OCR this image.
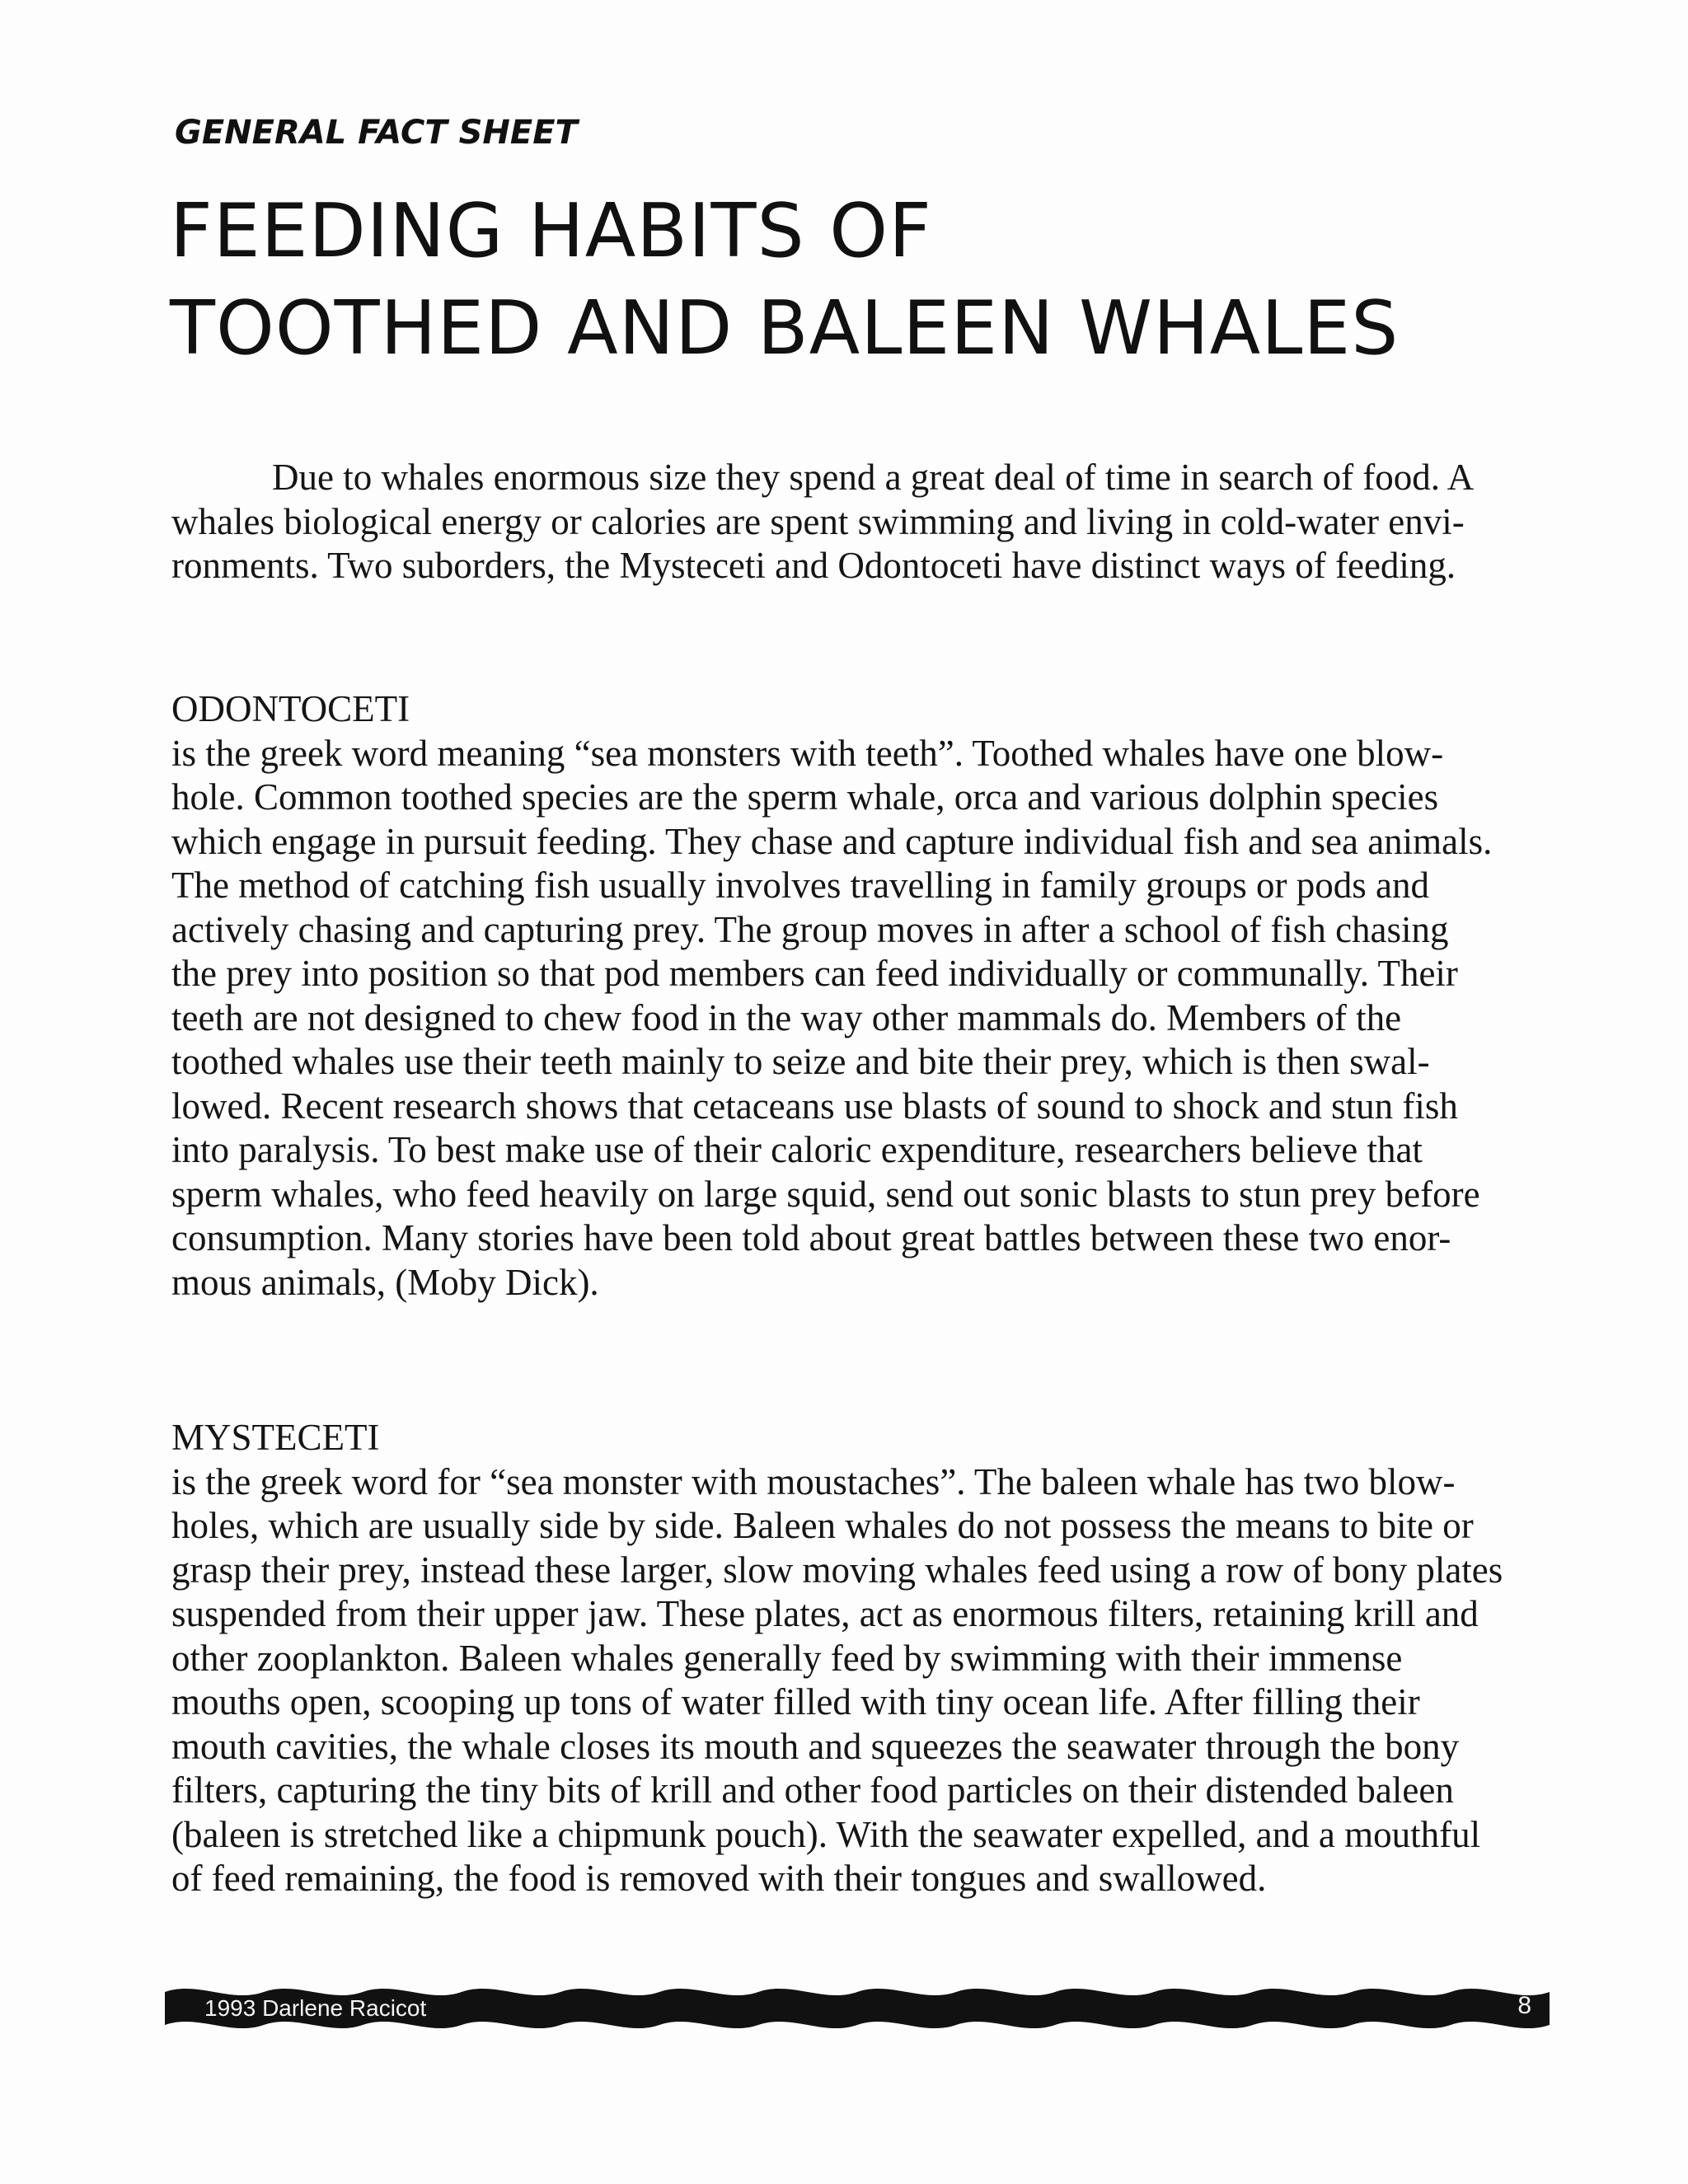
GENERAL FACT SHEET
FEEDING HABITS OF
TOOTHED AND BALEEN WHALES
Due to whales enormous size they spend a great deal of time in search of food. A
whales biological energy or calories are spent swimming and living in cold-water envi-
ronments. Two suborders, the Mysteceti and Odontoceti have distinct ways of feeding.
ODONTOCETI
is the greek word meaning “sea monsters with teeth”. Toothed whales have one blow-
hole. Common toothed species are the sperm whale, orca and various dolphin species
which engage in pursuit feeding. They chase and capture individual fish and sea animals.
The method of catching fish usually involves travelling in family groups or pods and
actively chasing and capturing prey. The group moves in after a school of fish chasing
the prey into position so that pod members can feed individually or communally. Their
teeth are not designed to chew food in the way other mammals do. Members of the
toothed whales use their teeth mainly to seize and bite their prey, which is then swal-
lowed. Recent research shows that cetaceans use blasts of sound to shock and stun fish
into paralysis. To best make use of their caloric expenditure, researchers believe that
sperm whales, who feed heavily on large squid, send out sonic blasts to stun prey before
consumption. Many stories have been told about great battles between these two enor-
mous animals, (Moby Dick).
MYSTECETI
is the greek word for “sea monster with moustaches”. The baleen whale has two blow-
holes, which are usually side by side. Baleen whales do not possess the means to bite or
grasp their prey, instead these larger, slow moving whales feed using a row of bony plates
suspended from their upper jaw. These plates, act as enormous filters, retaining krill and
other zooplankton. Baleen whales generally feed by swimming with their immense
mouths open, scooping up tons of water filled with tiny ocean life. After filling their
mouth cavities, the whale closes its mouth and squeezes the seawater through the bony
filters, capturing the tiny bits of krill and other food particles on their distended baleen
(baleen is stretched like a chipmunk pouch). With the seawater expelled, and a mouthful
of feed remaining, the food is removed with their tongues and swallowed.
1993 Darlene Racicot	8
